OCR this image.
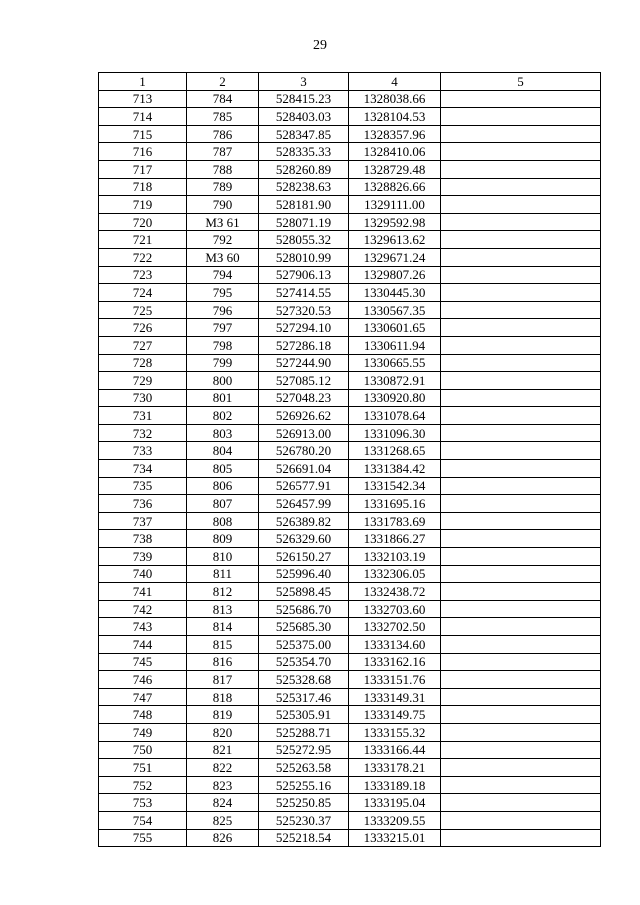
29
1	2	3	4	5
713	784	528415.23	1328038.66	
714	785	528403.03	1328104.53	
715	786	528347.85	1328357.96	
716	787	528335.33	1328410.06	
717	788	528260.89	1328729.48	
718	789	528238.63	1328826.66	
719	790	528181.90	1329111.00	
720	МЗ 61	528071.19	1329592.98	
721	792	528055.32	1329613.62	
722	МЗ 60	528010.99	1329671.24	
723	794	527906.13	1329807.26	
724	795	527414.55	1330445.30	
725	796	527320.53	1330567.35	
726	797	527294.10	1330601.65	
727	798	527286.18	1330611.94	
728	799	527244.90	1330665.55	
729	800	527085.12	1330872.91	
730	801	527048.23	1330920.80	
731	802	526926.62	1331078.64	
732	803	526913.00	1331096.30	
733	804	526780.20	1331268.65	
734	805	526691.04	1331384.42	
735	806	526577.91	1331542.34	
736	807	526457.99	1331695.16	
737	808	526389.82	1331783.69	
738	809	526329.60	1331866.27	
739	810	526150.27	1332103.19	
740	811	525996.40	1332306.05	
741	812	525898.45	1332438.72	
742	813	525686.70	1332703.60	
743	814	525685.30	1332702.50	
744	815	525375.00	1333134.60	
745	816	525354.70	1333162.16	
746	817	525328.68	1333151.76	
747	818	525317.46	1333149.31	
748	819	525305.91	1333149.75	
749	820	525288.71	1333155.32	
750	821	525272.95	1333166.44	
751	822	525263.58	1333178.21	
752	823	525255.16	1333189.18	
753	824	525250.85	1333195.04	
754	825	525230.37	1333209.55	
755	826	525218.54	1333215.01	
